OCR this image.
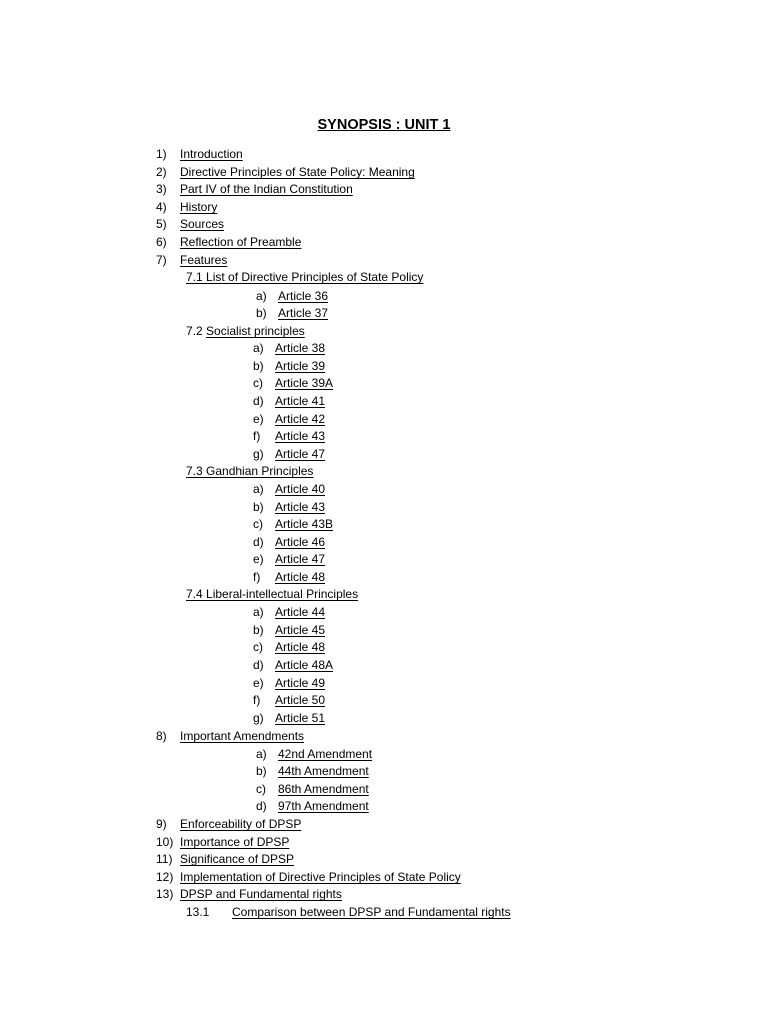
SYNOPSIS : UNIT 1
1) Introduction
2) Directive Principles of State Policy: Meaning
3) Part IV of the Indian Constitution
4) History
5) Sources
6) Reflection of Preamble
7) Features
7.1 List of Directive Principles of State Policy
a) Article 36
b) Article 37
7.2 Socialist principles
a) Article 38
b) Article 39
c) Article 39A
d) Article 41
e) Article 42
f) Article 43
g) Article 47
7.3 Gandhian Principles
a) Article 40
b) Article 43
c) Article 43B
d) Article 46
e) Article 47
f) Article 48
7.4 Liberal-intellectual Principles
a) Article 44
b) Article 45
c) Article 48
d) Article 48A
e) Article 49
f) Article 50
g) Article 51
8) Important Amendments
a) 42nd Amendment
b) 44th Amendment
c) 86th Amendment
d) 97th Amendment
9) Enforceability of DPSP
10) Importance of DPSP
11) Significance of DPSP
12) Implementation of Directive Principles of State Policy
13) DPSP and Fundamental rights
13.1 Comparison between DPSP and Fundamental rights
